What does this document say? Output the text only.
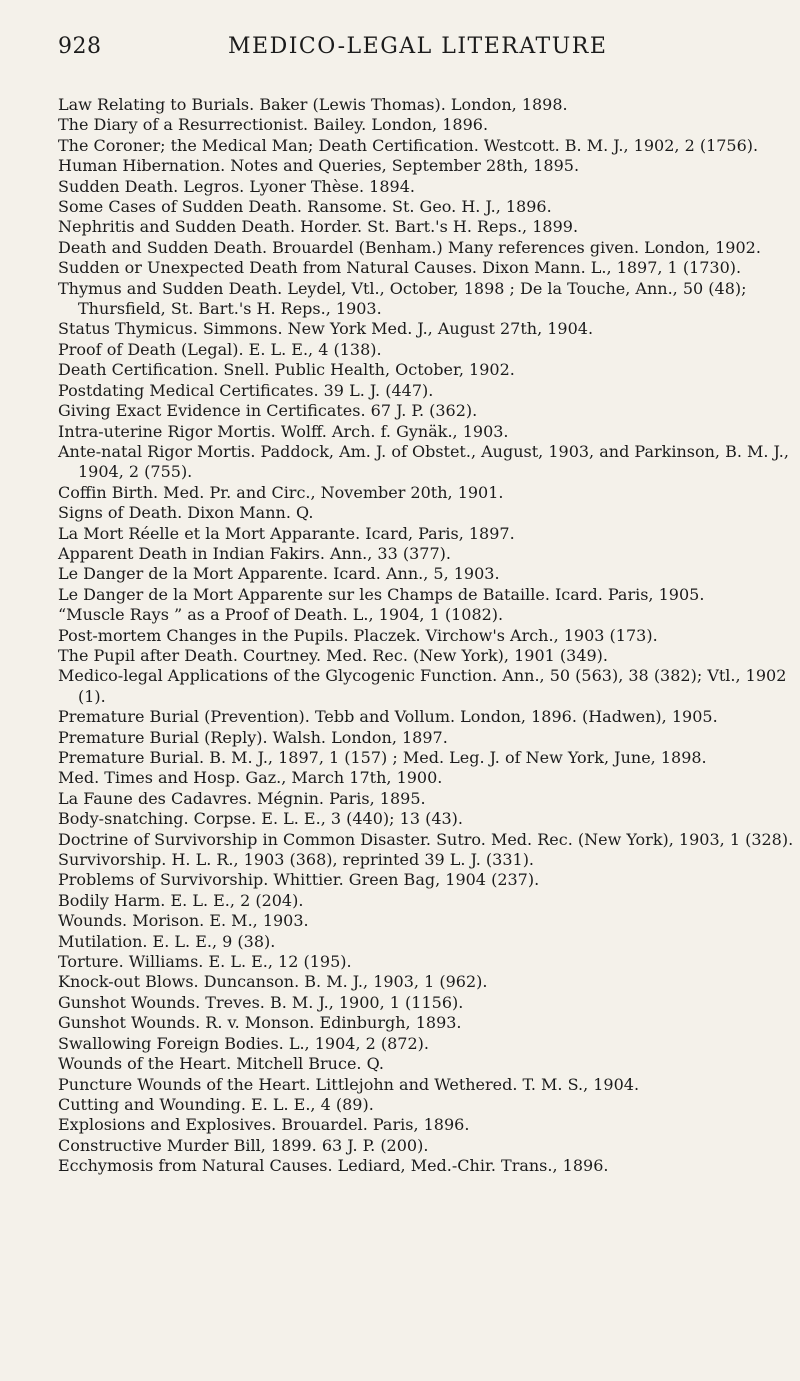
928	MEDICO-LEGAL LITERATURE

Law Relating to Burials. Baker (Lewis Thomas). London, 1898.

The Diary of a Resurrectionist. Bailey. London, 1896.

The Coroner; the Medical Man; Death Certification. Westcott. B. M. J., 1902, 2 (1756).

Human Hibernation. Notes and Queries, September 28th, 1895.

Sudden Death. Legros. Lyoner Thèse. 1894.

Some Cases of Sudden Death. Ransome. St. Geo. H. J., 1896.

Nephritis and Sudden Death. Horder. St. Bart.'s H. Reps., 1899.

Death and Sudden Death. Brouardel (Benham.) Many references given. London, 1902.

Sudden or Unexpected Death from Natural Causes. Dixon Mann. L., 1897, 1 (1730).

Thymus and Sudden Death. Leydel, Vtl., October, 1898 ; De la Touche, Ann., 50 (48); Thursfield, St. Bart.'s H. Reps., 1903.

Status Thymicus. Simmons. New York Med. J., August 27th, 1904.

Proof of Death (Legal). E. L. E., 4 (138).

Death Certification. Snell. Public Health, October, 1902.

Postdating Medical Certificates. 39 L. J. (447).

Giving Exact Evidence in Certificates. 67 J. P. (362).

Intra-uterine Rigor Mortis. Wolff. Arch. f. Gynäk., 1903.

Ante-natal Rigor Mortis. Paddock, Am. J. of Obstet., August, 1903, and Parkinson, B. M. J., 1904, 2 (755).

Coffin Birth. Med. Pr. and Circ., November 20th, 1901.

Signs of Death. Dixon Mann. Q.

La Mort Réelle et la Mort Apparante. Icard, Paris, 1897.

Apparent Death in Indian Fakirs. Ann., 33 (377).

Le Danger de la Mort Apparente. Icard. Ann., 5, 1903.

Le Danger de la Mort Apparente sur les Champs de Bataille. Icard. Paris, 1905.

“Muscle Rays ” as a Proof of Death. L., 1904, 1 (1082).

Post-mortem Changes in the Pupils. Placzek. Virchow's Arch., 1903 (173).

The Pupil after Death. Courtney. Med. Rec. (New York), 1901 (349).

Medico-legal Applications of the Glycogenic Function. Ann., 50 (563), 38 (382); Vtl., 1902 (1).

Premature Burial (Prevention). Tebb and Vollum. London, 1896. (Hadwen), 1905.

Premature Burial (Reply). Walsh. London, 1897.

Premature Burial. B. M. J., 1897, 1 (157) ; Med. Leg. J. of New York, June, 1898.

Med. Times and Hosp. Gaz., March 17th, 1900.

La Faune des Cadavres. Mégnin. Paris, 1895.

Body-snatching. Corpse. E. L. E., 3 (440); 13 (43).

Doctrine of Survivorship in Common Disaster. Sutro. Med. Rec. (New York), 1903, 1 (328).

Survivorship. H. L. R., 1903 (368), reprinted 39 L. J. (331).

Problems of Survivorship. Whittier. Green Bag, 1904 (237).

Bodily Harm. E. L. E., 2 (204).

Wounds. Morison. E. M., 1903.

Mutilation. E. L. E., 9 (38).

Torture. Williams. E. L. E., 12 (195).

Knock-out Blows. Duncanson. B. M. J., 1903, 1 (962).

Gunshot Wounds. Treves. B. M. J., 1900, 1 (1156).

Gunshot Wounds. R. v. Monson. Edinburgh, 1893.

Swallowing Foreign Bodies. L., 1904, 2 (872).

Wounds of the Heart. Mitchell Bruce. Q.

Puncture Wounds of the Heart. Littlejohn and Wethered. T. M. S., 1904.

Cutting and Wounding. E. L. E., 4 (89).

Explosions and Explosives. Brouardel. Paris, 1896.

Constructive Murder Bill, 1899. 63 J. P. (200).

Ecchymosis from Natural Causes. Lediard, Med.-Chir. Trans., 1896.
